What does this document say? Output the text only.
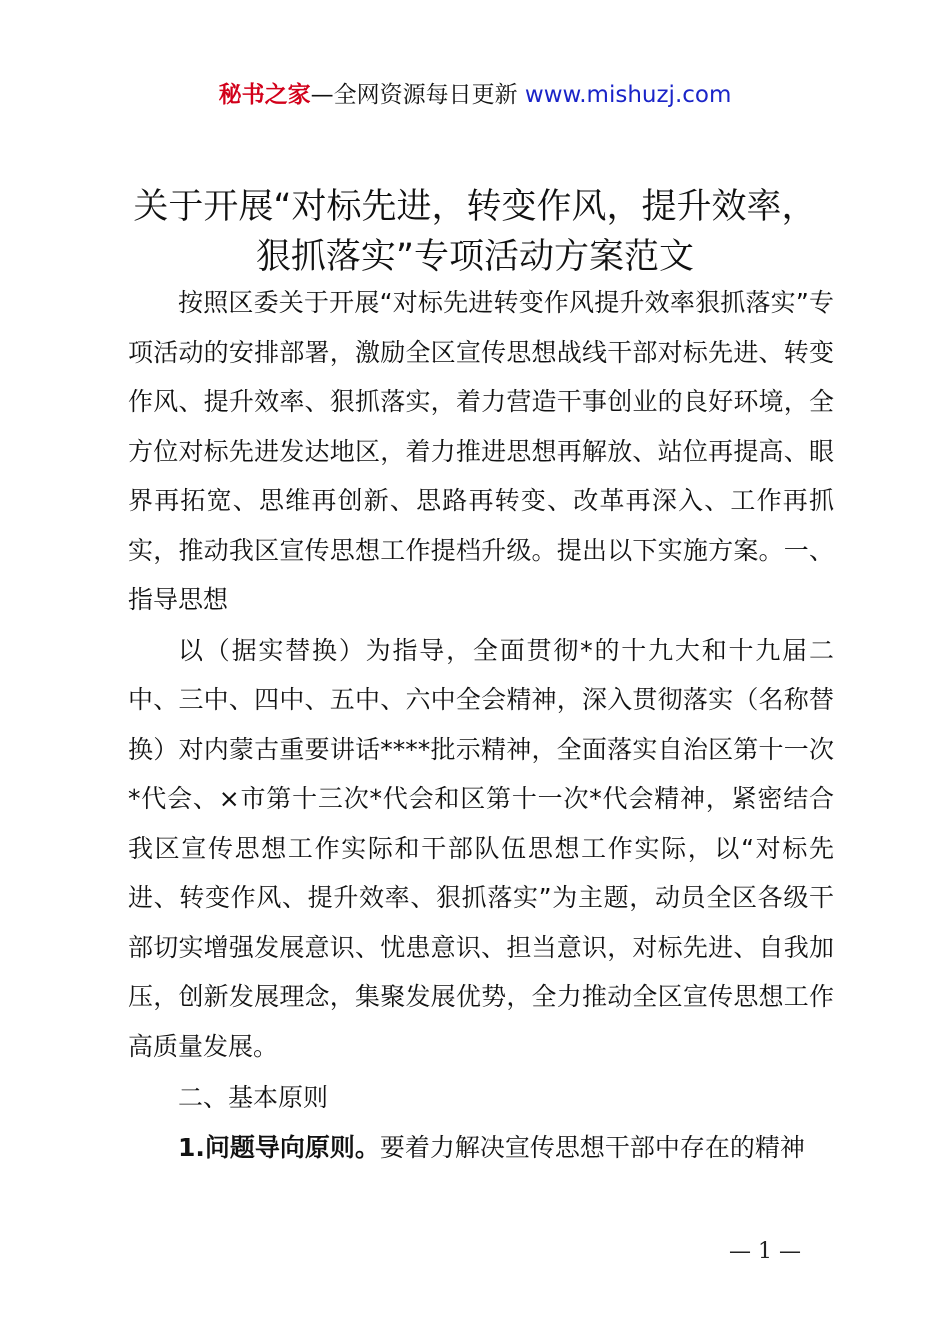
秘书之家—全网资源每日更新 www.mishuzj.com
关于开展“对标先进，转变作风，提升效率，
狠抓落实”专项活动方案范文

按照区委关于开展“对标先进转变作风提升效率狠抓落实”专项活动的安排部署，激励全区宣传思想战线干部对标先进、转变作风、提升效率、狠抓落实，着力营造干事创业的良好环境，全方位对标先进发达地区，着力推进思想再解放、站位再提高、眼界再拓宽、思维再创新、思路再转变、改革再深入、工作再抓实，推动我区宣传思想工作提档升级。提出以下实施方案。一、指导思想

以（据实替换）为指导，全面贯彻*的十九大和十九届二中、三中、四中、五中、六中全会精神，深入贯彻落实（名称替换）对内蒙古重要讲话****批示精神，全面落实自治区第十一次*代会、×市第十三次*代会和区第十一次*代会精神，紧密结合我区宣传思想工作实际和干部队伍思想工作实际，以“对标先进、转变作风、提升效率、狠抓落实”为主题，动员全区各级干部切实增强发展意识、忧患意识、担当意识，对标先进、自我加压，创新发展理念，集聚发展优势，全力推动全区宣传思想工作高质量发展。

二、基本原则

1.问题导向原则。要着力解决宣传思想干部中存在的精神

— 1 —
